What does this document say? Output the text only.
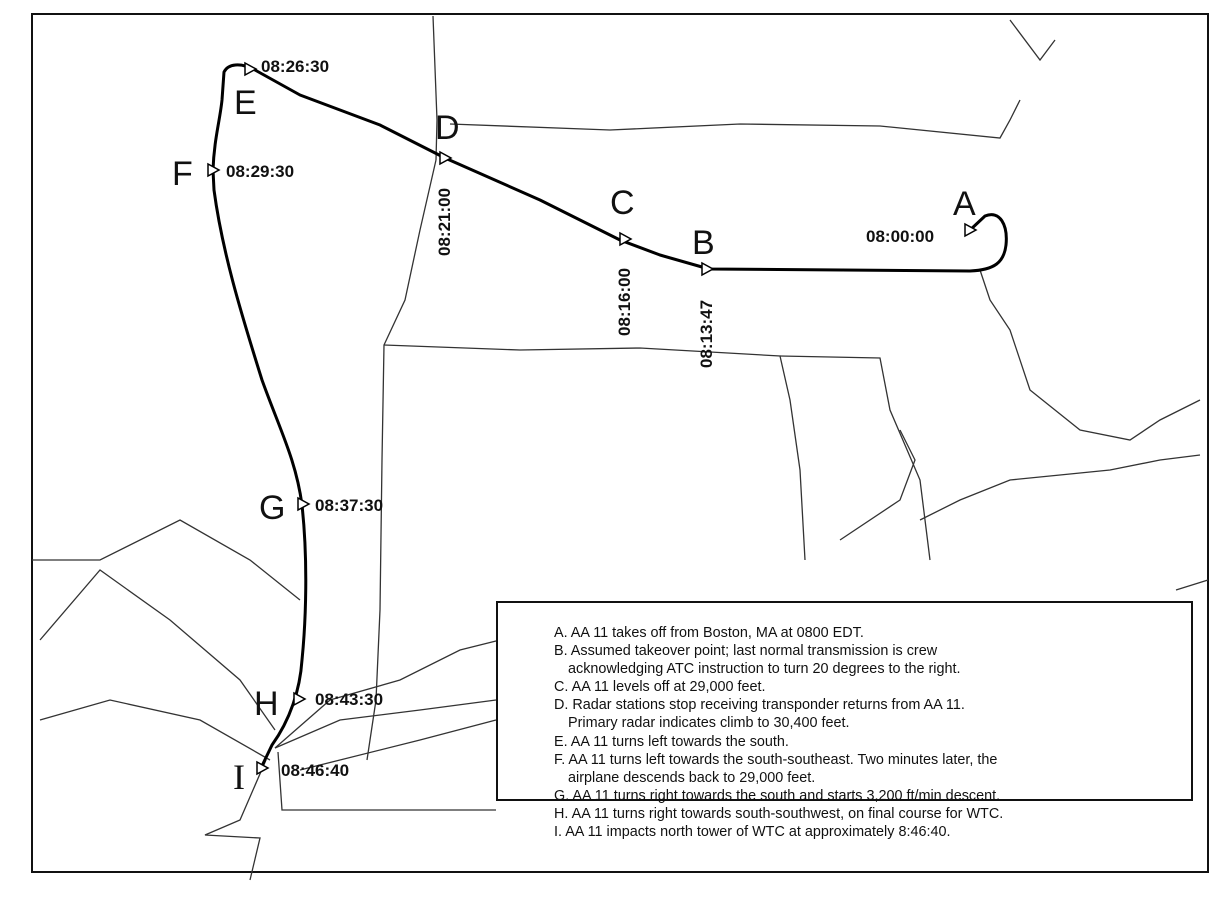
A
B
C
D
E
F
G
H
I
08:00:00
08:13:47
08:16:00
08:21:00
08:26:30
08:29:30
08:37:30
08:43:30
08:46:40

A. AA 11 takes off from Boston, MA at 0800 EDT.

B. Assumed takeover point; last normal transmission is crew
acknowledging ATC instruction to turn 20 degrees to the right.

C. AA 11 levels off at 29,000 feet.

D. Radar stations stop receiving transponder returns from AA 11.
Primary radar indicates climb to 30,400 feet.

E. AA 11 turns left towards the south.

F. AA 11 turns left towards the south-southeast. Two minutes later, the
airplane descends back to 29,000 feet.

G. AA 11 turns right towards the south and starts 3,200 ft/min descent.

H. AA 11 turns right towards south-southwest, on final course for WTC.

I. AA 11 impacts north tower of WTC at approximately 8:46:40.
